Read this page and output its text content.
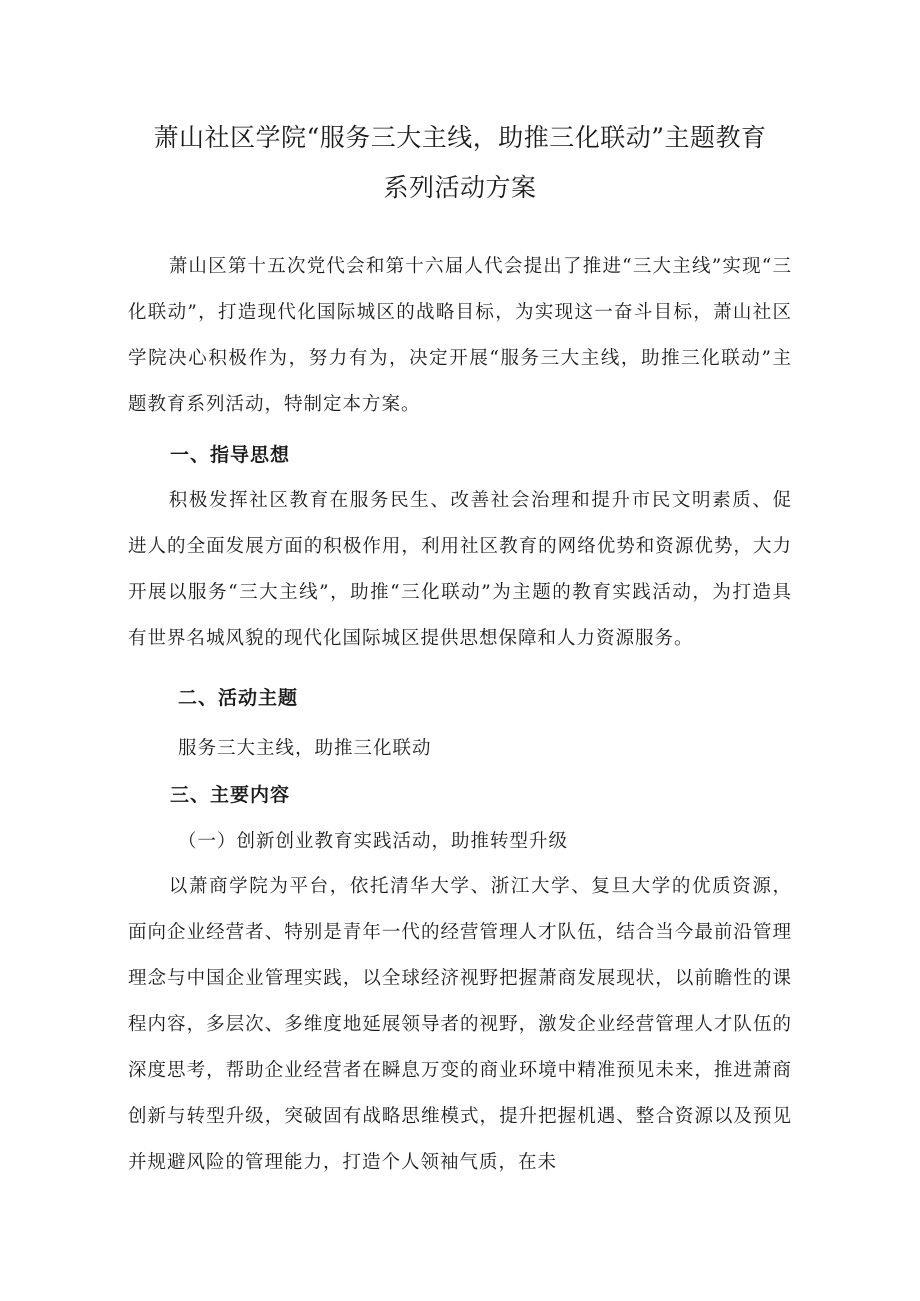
萧山社区学院“服务三大主线，助推三化联动”主题教育
系列活动方案

萧山区第十五次党代会和第十六届人代会提出了推进“三大主线”实现“三化联动”，打造现代化国际城区的战略目标，为实现这一奋斗目标，萧山社区学院决心积极作为，努力有为，决定开展“服务三大主线，助推三化联动”主题教育系列活动，特制定本方案。

一、指导思想

积极发挥社区教育在服务民生、改善社会治理和提升市民文明素质、促进人的全面发展方面的积极作用，利用社区教育的网络优势和资源优势，大力开展以服务“三大主线”，助推“三化联动”为主题的教育实践活动，为打造具有世界名城风貌的现代化国际城区提供思想保障和人力资源服务。

二、活动主题
服务三大主线，助推三化联动
三、主要内容
（一）创新创业教育实践活动，助推转型升级

以萧商学院为平台，依托清华大学、浙江大学、复旦大学的优质资源，面向企业经营者、特别是青年一代的经营管理人才队伍，结合当今最前沿管理理念与中国企业管理实践，以全球经济视野把握萧商发展现状，以前瞻性的课程内容，多层次、多维度地延展领导者的视野，激发企业经营管理人才队伍的深度思考，帮助企业经营者在瞬息万变的商业环境中精准预见未来，推进萧商创新与转型升级，突破固有战略思维模式，提升把握机遇、整合资源以及预见并规避风险的管理能力，打造个人领袖气质，在未
